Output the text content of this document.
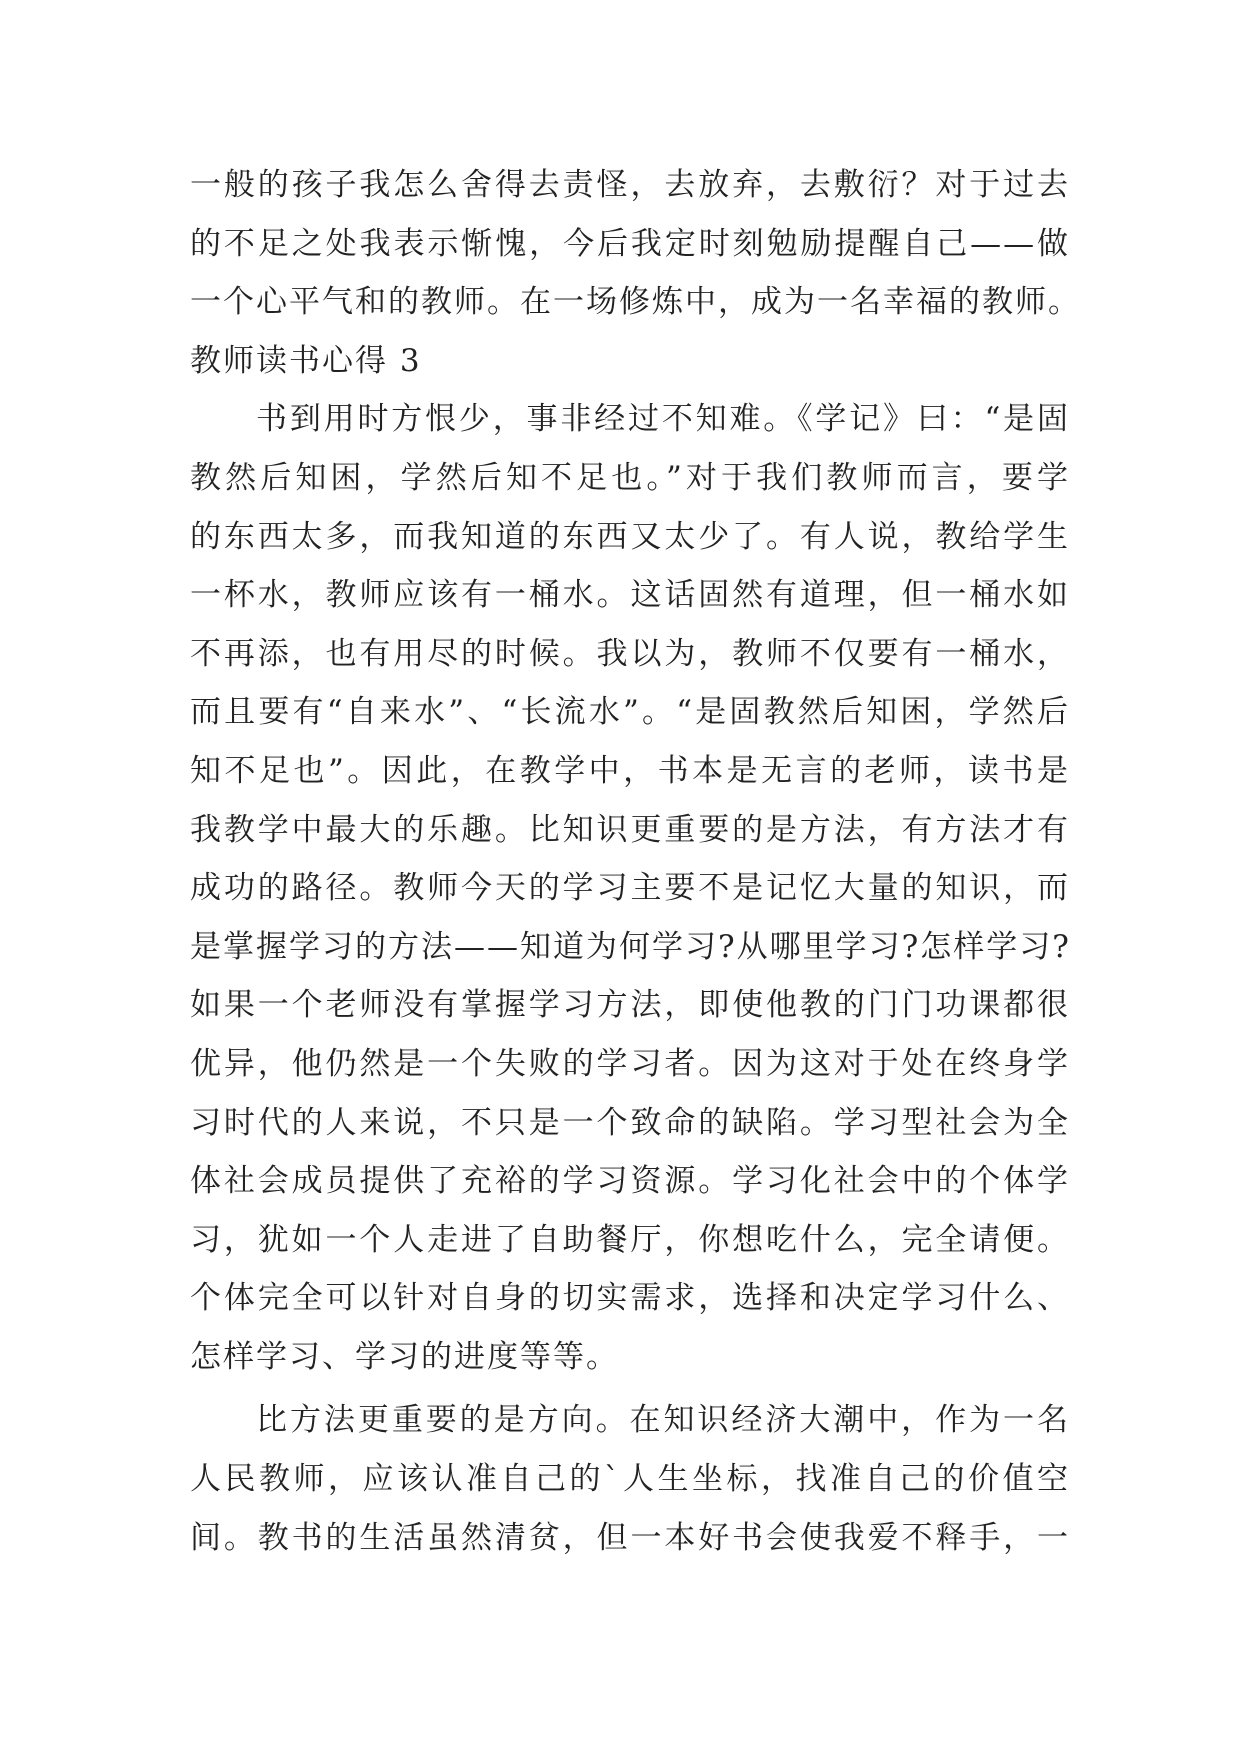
一般的孩子我怎么舍得去责怪，去放弃，去敷衍？对于过去
的不足之处我表示惭愧，今后我定时刻勉励提醒自己——做
一个心平气和的教师。在一场修炼中，成为一名幸福的教师。
教师读书心得 3
书到用时方恨少，事非经过不知难。《学记》曰：“是固
教然后知困，学然后知不足也。”对于我们教师而言，要学
的东西太多，而我知道的东西又太少了。有人说，教给学生
一杯水，教师应该有一桶水。这话固然有道理，但一桶水如
不再添，也有用尽的时候。我以为，教师不仅要有一桶水，
而且要有“自来水”、“长流水”。“是固教然后知困，学然后
知不足也”。因此，在教学中，书本是无言的老师，读书是
我教学中最大的乐趣。比知识更重要的是方法，有方法才有
成功的路径。教师今天的学习主要不是记忆大量的知识，而
是掌握学习的方法——知道为何学习?从哪里学习?怎样学习?
如果一个老师没有掌握学习方法，即使他教的门门功课都很
优异，他仍然是一个失败的学习者。因为这对于处在终身学
习时代的人来说，不只是一个致命的缺陷。学习型社会为全
体社会成员提供了充裕的学习资源。学习化社会中的个体学
习，犹如一个人走进了自助餐厅，你想吃什么，完全请便。
个体完全可以针对自身的切实需求，选择和决定学习什么、
怎样学习、学习的进度等等。
比方法更重要的是方向。在知识经济大潮中，作为一名
人民教师，应该认准自己的`人生坐标，找准自己的价值空
间。教书的生活虽然清贫，但一本好书会使我爱不释手，一
